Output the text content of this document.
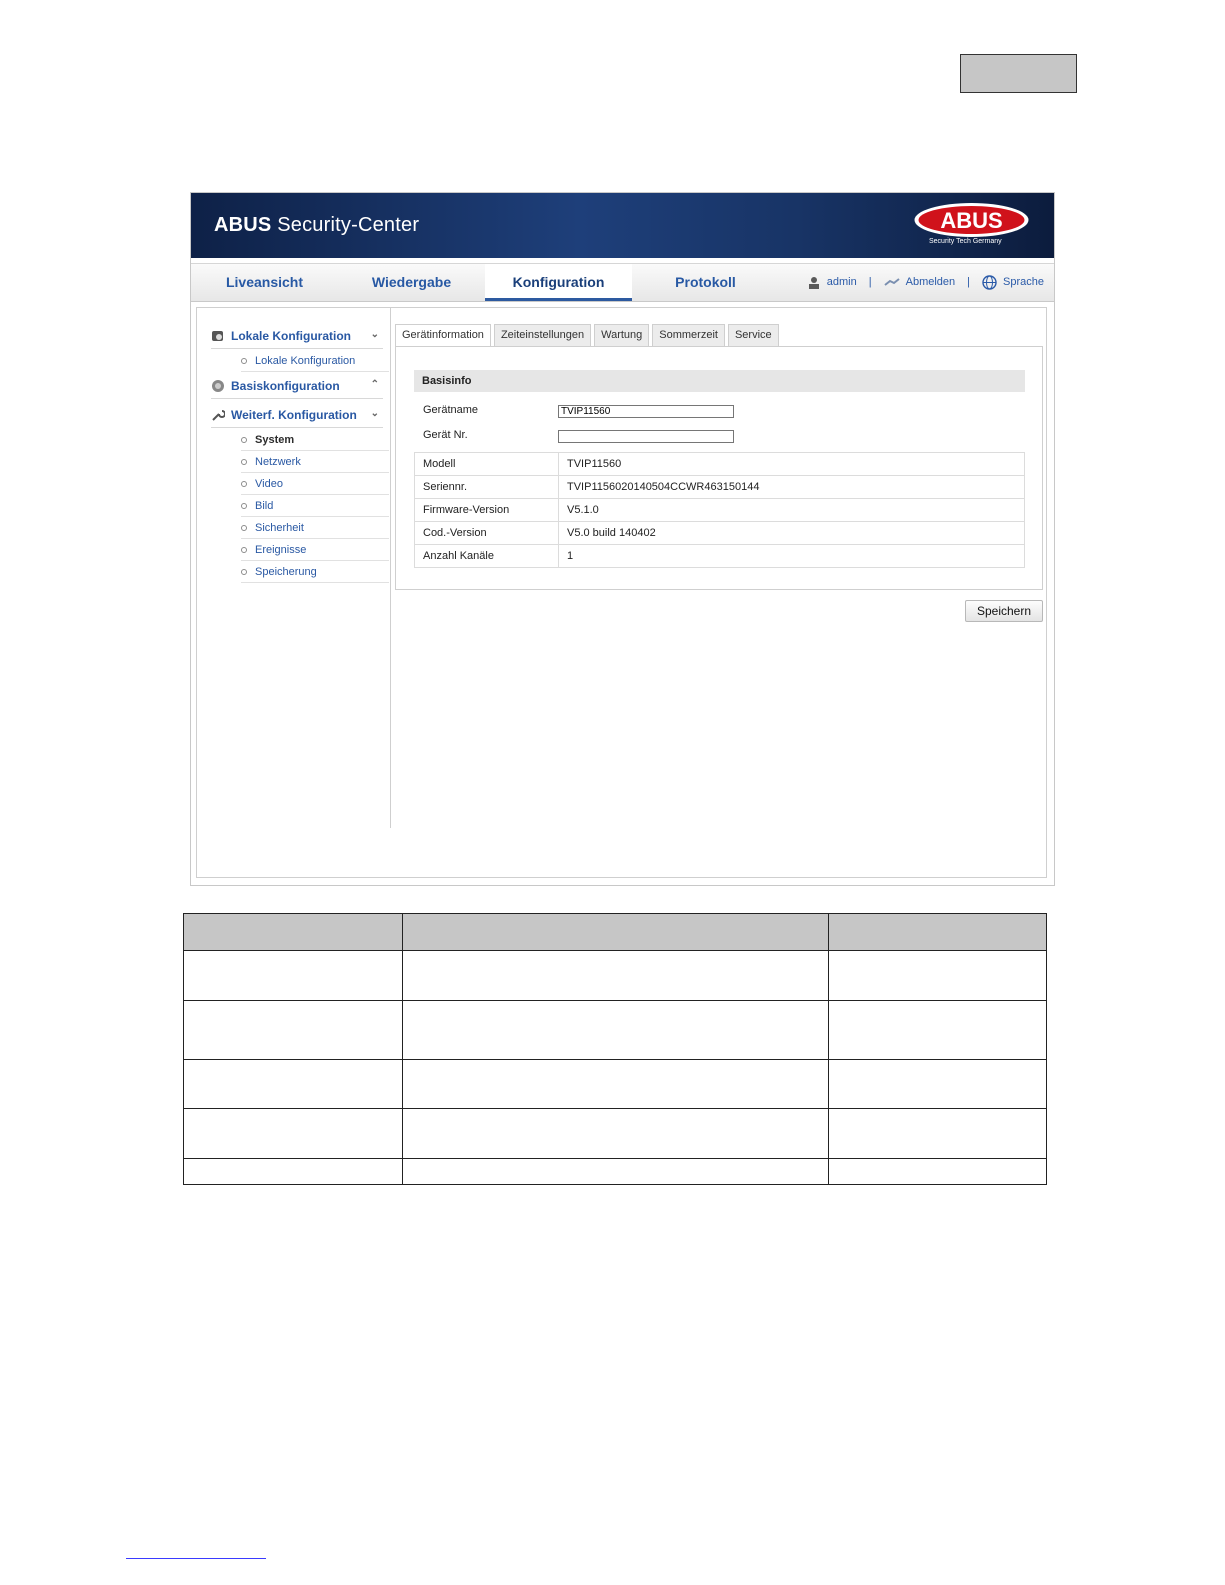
ABUS Security-Center	ABUS
Security Tech Germany
Liveansicht	Wiedergabe	Konfiguration	Protokoll	admin |	Abmelden |	Sprache
Lokale Konfiguration ⌄
Lokale Konfiguration
Basiskonfiguration	⌃
Weiterf. Konfiguration ⌄
System
Netzwerk
Video
Bild
Sicherheit
Ereignisse
Speicherung
Gerätinformation	Zeiteinstellungen	Wartung	Sommerzeit	Service
Basisinfo
Gerätname
TVIP11560
Gerät Nr.
Modell	TVIP11560
Seriennr.	TVIP1156020140504CCWR463150144
Firmware-Version	V5.1.0
Cod.-Version	V5.0 build 140402
Anzahl Kanäle	1
Speichern
